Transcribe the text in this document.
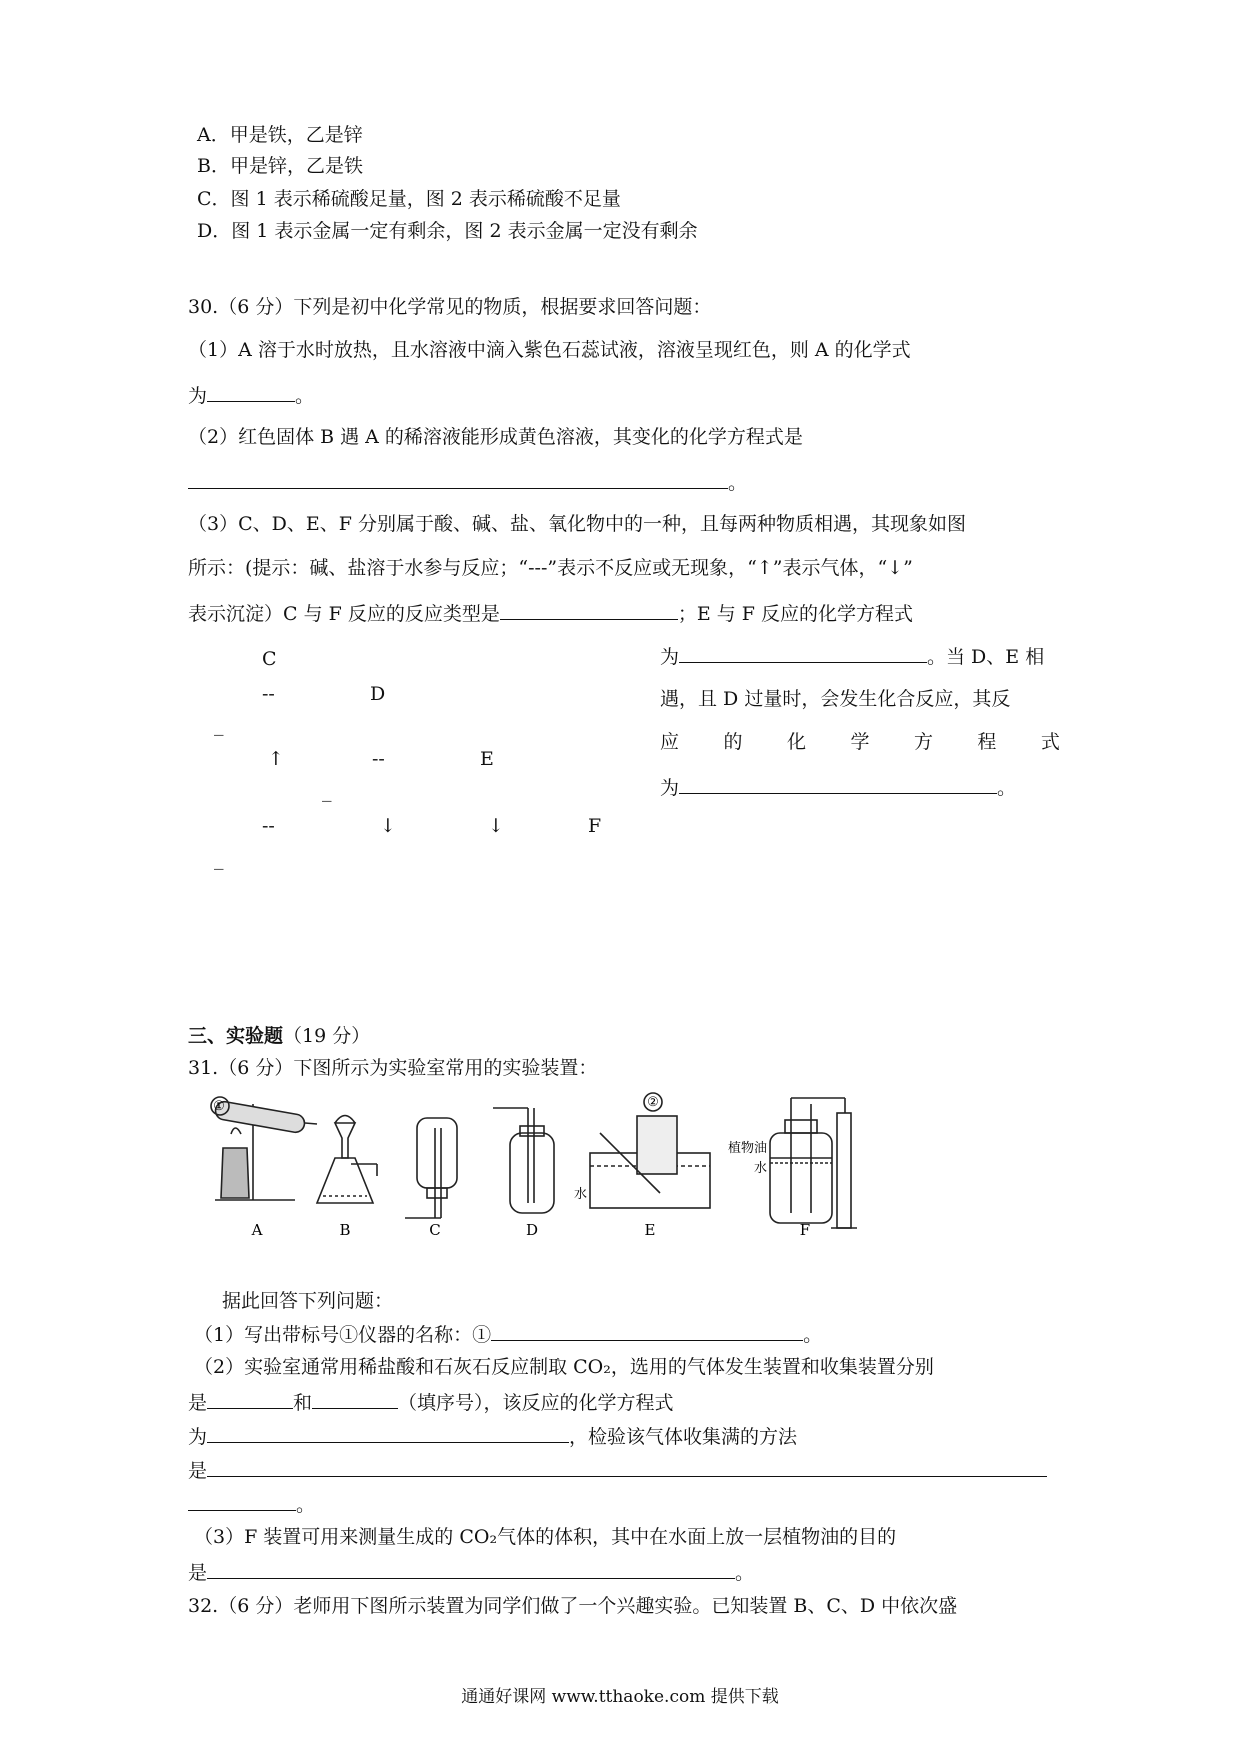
A．甲是铁，乙是锌
B．甲是锌，乙是铁
C．图 1 表示稀硫酸足量，图 2 表示稀硫酸不足量
D．图 1 表示金属一定有剩余，图 2 表示金属一定没有剩余
30.（6 分）下列是初中化学常见的物质，根据要求回答问题：
（1）A 溶于水时放热，且水溶液中滴入紫色石蕊试液，溶液呈现红色，则 A 的化学式
为	。
（2）红色固体 B 遇 A 的稀溶液能形成黄色溶液，其变化的化学方程式是
。
（3）C、D、E、F 分别属于酸、碱、盐、氧化物中的一种，且每两种物质相遇，其现象如图
所示：(提示：碱、盐溶于水参与反应；“---”表示不反应或无现象，“↑”表示气体，“↓”
表示沉淀）C 与 F 反应的反应类型是	；E 与 F 反应的化学方程式
为	。当 D、E 相
遇，且 D 过量时，会发生化合反应，其反
应 的 化 学 方 程 式
为	。
C
--	D
_
↑	--	E
_
--	↓	↓	F
_
三、实验题（19 分）
31.（6 分）下图所示为实验室常用的实验装置：
①	②
植物油
水
水
A	B	C	D	E	F
据此回答下列问题：
（1）写出带标号①仪器的名称：①	。
（2）实验室通常用稀盐酸和石灰石反应制取 CO₂，选用的气体发生装置和收集装置分别
是	和	（填序号），该反应的化学方程式
为	，检验该气体收集满的方法
是
。
（3）F 装置可用来测量生成的 CO₂气体的体积，其中在水面上放一层植物油的目的
是	。
32.（6 分）老师用下图所示装置为同学们做了一个兴趣实验。已知装置 B、C、D 中依次盛
通通好课网 www.tthaoke.com 提供下载
